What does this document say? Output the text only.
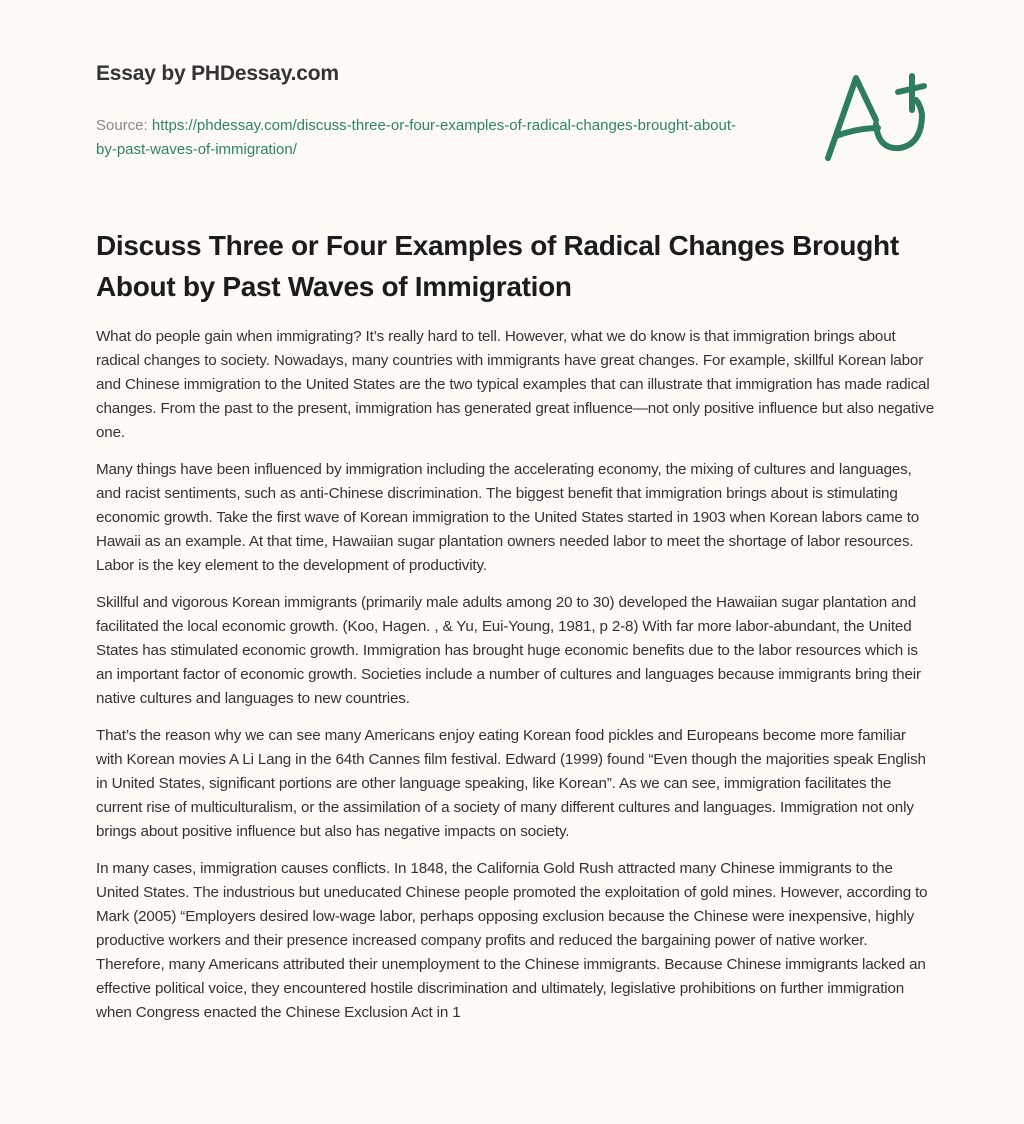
Essay by PHDessay.com
Source: https://phdessay.com/discuss-three-or-four-examples-of-radical-changes-brought-about-by-past-waves-of-immigration/
Discuss Three or Four Examples of Radical Changes Brought About by Past Waves of Immigration

What do people gain when immigrating? It’s really hard to tell. However, what we do know is that immigration brings about radical changes to society. Nowadays, many countries with immigrants have great changes. For example, skillful Korean labor and Chinese immigration to the United States are the two typical examples that can illustrate that immigration has made radical changes. From the past to the present, immigration has generated great influence—not only positive influence but also negative one.

Many things have been influenced by immigration including the accelerating economy, the mixing of cultures and languages, and racist sentiments, such as anti-Chinese discrimination. The biggest benefit that immigration brings about is stimulating economic growth. Take the first wave of Korean immigration to the United States started in 1903 when Korean labors came to Hawaii as an example. At that time, Hawaiian sugar plantation owners needed labor to meet the shortage of labor resources. Labor is the key element to the development of productivity.

Skillful and vigorous Korean immigrants (primarily male adults among 20 to 30) developed the Hawaiian sugar plantation and facilitated the local economic growth. (Koo, Hagen. , & Yu, Eui-Young, 1981, p 2-8) With far more labor-abundant, the United States has stimulated economic growth. Immigration has brought huge economic benefits due to the labor resources which is an important factor of economic growth. Societies include a number of cultures and languages because immigrants bring their native cultures and languages to new countries.

That’s the reason why we can see many Americans enjoy eating Korean food pickles and Europeans become more familiar with Korean movies A Li Lang in the 64th Cannes film festival. Edward (1999) found “Even though the majorities speak English in United States, significant portions are other language speaking, like Korean”. As we can see, immigration facilitates the current rise of multiculturalism, or the assimilation of a society of many different cultures and languages. Immigration not only brings about positive influence but also has negative impacts on society.

In many cases, immigration causes conflicts. In 1848, the California Gold Rush attracted many Chinese immigrants to the United States. The industrious but uneducated Chinese people promoted the exploitation of gold mines. However, according to Mark (2005) “Employers desired low-wage labor, perhaps opposing exclusion because the Chinese were inexpensive, highly productive workers and their presence increased company profits and reduced the bargaining power of native worker. Therefore, many Americans attributed their unemployment to the Chinese immigrants. Because Chinese immigrants lacked an effective political voice, they encountered hostile discrimination and ultimately, legislative prohibitions on further immigration when Congress enacted the Chinese Exclusion Act in 1
